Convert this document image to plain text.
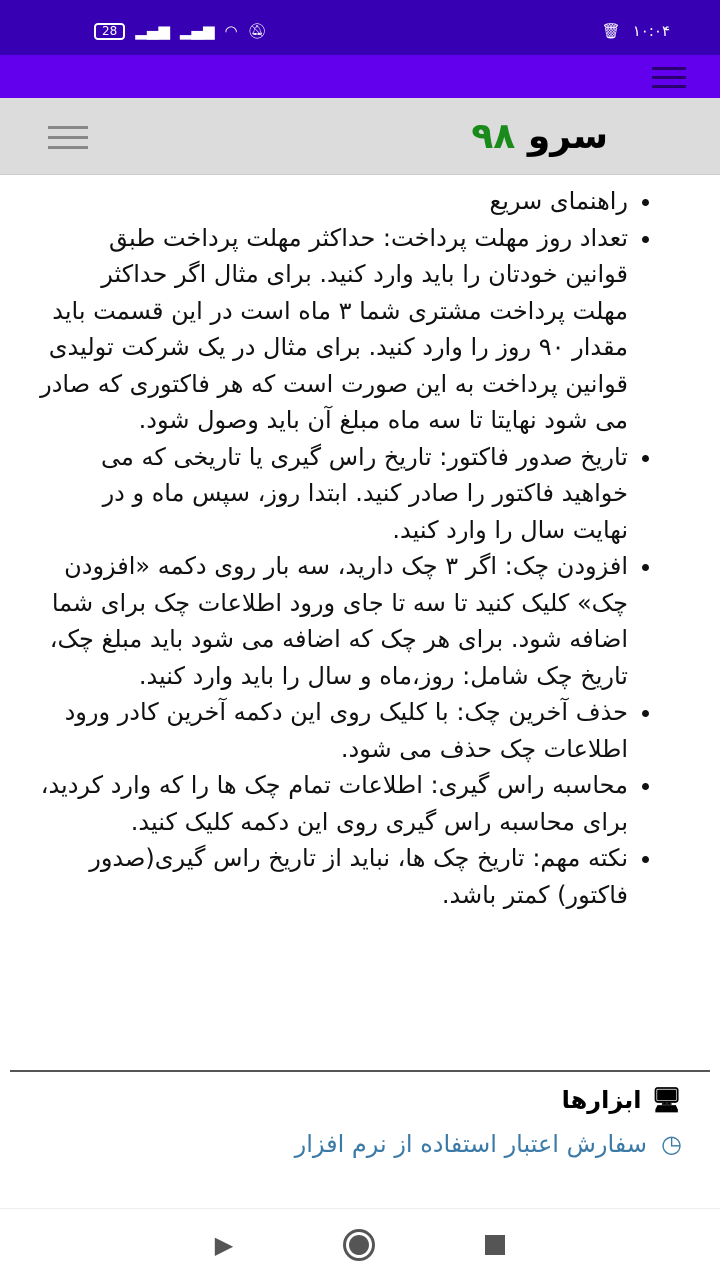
28	▂▄▆ ▂▄▆ ◠ 🔕︎	🗑︎ ۱۰:۰۴
سرو ۹۸
• راهنمای سریع
• تعداد روز مهلت پرداخت: حداکثر مهلت پرداخت طبق قوانین خودتان را باید وارد کنید. برای مثال اگر حداکثر مهلت پرداخت مشتری شما ۳ ماه است در این قسمت باید مقدار ۹۰ روز را وارد کنید. برای مثال در یک شرکت تولیدی قوانین پرداخت به این صورت است که هر فاکتوری که صادر می شود نهایتا تا سه ماه مبلغ آن باید وصول شود.
• تاریخ صدور فاکتور: تاریخ راس گیری یا تاریخی که می خواهید فاکتور را صادر کنید. ابتدا روز، سپس ماه و در نهایت سال را وارد کنید.
• افزودن چک: اگر ۳ چک دارید، سه بار روی دکمه «افزودن چک» کلیک کنید تا سه تا جای ورود اطلاعات چک برای شما اضافه شود. برای هر چک که اضافه می شود باید مبلغ چک، تاریخ چک شامل: روز،ماه و سال را باید وارد کنید.
• حذف آخرین چک: با کلیک روی این دکمه آخرین کادر ورود اطلاعات چک حذف می شود.
• محاسبه راس گیری: اطلاعات تمام چک ها را که وارد کردید، برای محاسبه راس گیری روی این دکمه کلیک کنید.
• نکته مهم: تاریخ چک ها، نباید از تاریخ راس گیری(صدور فاکتور) کمتر باشد.
🖥︎
ابزارها
◷
سفارش اعتبار استفاده از نرم افزار
▶
